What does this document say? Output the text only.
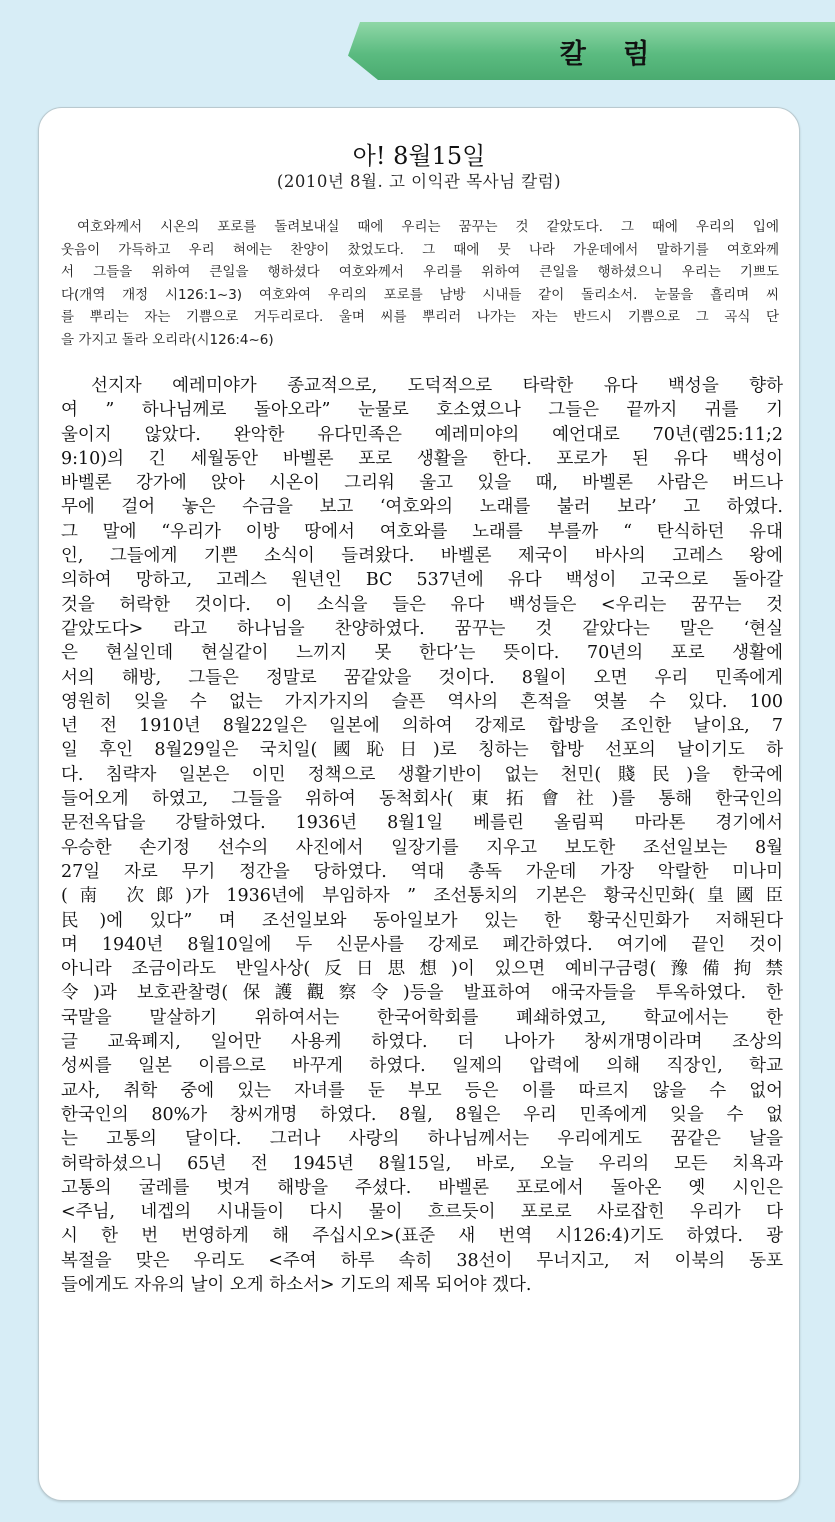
칼 럼
아! 8월15일
(2010년 8월. 고 이익관 목사님 칼럼)

여호와께서 시온의 포로를 돌려보내실 때에 우리는 꿈꾸는 것 같았도다. 그 때에 우리의 입에

웃음이 가득하고 우리 혀에는 찬양이 찼었도다. 그 때에 뭇 나라 가운데에서 말하기를 여호와께

서 그들을 위하여 큰일을 행하셨다 여호와께서 우리를 위하여 큰일을 행하셨으니 우리는 기쁘도

다(개역 개정 시126:1~3) 여호와여 우리의 포로를 남방 시내들 같이 돌리소서. 눈물을 흘리며 씨

를 뿌리는 자는 기쁨으로 거두리로다. 울며 씨를 뿌리러 나가는 자는 반드시 기쁨으로 그 곡식 단

을 가지고 돌라 오리라(시126:4~6)

선지자 예레미야가 종교적으로, 도덕적으로 타락한 유다 백성을 향하

여 ” 하나님께로 돌아오라” 눈물로 호소였으나 그들은 끝까지 귀를 기

울이지 않았다. 완악한 유다민족은 예레미야의 예언대로 70년(렘25:11;2

9:10)의 긴 세월동안 바벨론 포로 생활을 한다. 포로가 된 유다 백성이

바벨론 강가에 앉아 시온이 그리워 울고 있을 때, 바벨론 사람은 버드나

무에 걸어 놓은 수금을 보고 ‘여호와의 노래를 불러 보라’ 고 하였다.

그 말에 “우리가 이방 땅에서 여호와를 노래를 부를까 “ 탄식하던 유대

인, 그들에게 기쁜 소식이 들려왔다. 바벨론 제국이 바사의 고레스 왕에

의하여 망하고, 고레스 원년인 BC 537년에 유다 백성이 고국으로 돌아갈

것을 허락한 것이다. 이 소식을 들은 유다 백성들은 <우리는 꿈꾸는 것

같았도다> 라고 하나님을 찬양하였다. 꿈꾸는 것 같았다는 말은 ‘현실

은 현실인데 현실같이 느끼지 못 한다’는 뜻이다. 70년의 포로 생활에

서의 해방, 그들은 정말로 꿈같았을 것이다. 8월이 오면 우리 민족에게

영원히 잊을 수 없는 가지가지의 슬픈 역사의 흔적을 엿볼 수 있다. 100

년 전 1910년 8월22일은 일본에 의하여 강제로 합방을 조인한 날이요, 7

일 후인 8월29일은 국치일(國恥日)로 칭하는 합방 선포의 날이기도 하

다. 침략자 일본은 이민 정책으로 생활기반이 없는 천민(賤民)을 한국에

들어오게 하였고, 그들을 위하여 동척회사(東拓會社)를 통해 한국인의

문전옥답을 강탈하였다. 1936년 8월1일 베를린 올림픽 마라톤 경기에서

우승한 손기정 선수의 사진에서 일장기를 지우고 보도한 조선일보는 8월

27일 자로 무기 정간을 당하였다. 역대 총독 가운데 가장 악랄한 미나미

(南 次郞)가 1936년에 부임하자 ” 조선통치의 기본은 황국신민화(皇國臣

民)에 있다” 며 조선일보와 동아일보가 있는 한 황국신민화가 저해된다

며 1940년 8월10일에 두 신문사를 강제로 폐간하였다. 여기에 끝인 것이

아니라 조금이라도 반일사상(反日思想)이 있으면 예비구금령(豫備拘禁

令)과 보호관찰령(保護觀察令)등을 발표하여 애국자들을 투옥하였다. 한

국말을 말살하기 위하여서는 한국어학회를 폐쇄하였고, 학교에서는 한

글 교육폐지, 일어만 사용케 하였다. 더 나아가 창씨개명이라며 조상의

성씨를 일본 이름으로 바꾸게 하였다. 일제의 압력에 의해 직장인, 학교

교사, 취학 중에 있는 자녀를 둔 부모 등은 이를 따르지 않을 수 없어

한국인의 80%가 창씨개명 하였다. 8월, 8월은 우리 민족에게 잊을 수 없

는 고통의 달이다. 그러나 사랑의 하나님께서는 우리에게도 꿈같은 날을

허락하셨으니 65년 전 1945년 8월15일, 바로, 오늘 우리의 모든 치욕과

고통의 굴레를 벗겨 해방을 주셨다. 바벨론 포로에서 돌아온 옛 시인은

<주님, 네겝의 시내들이 다시 물이 흐르듯이 포로로 사로잡힌 우리가 다

시 한 번 번영하게 해 주십시오>(표준 새 번역 시126:4)기도 하였다. 광

복절을 맞은 우리도 <주여 하루 속히 38선이 무너지고, 저 이북의 동포

들에게도 자유의 날이 오게 하소서> 기도의 제목 되어야 겠다.
